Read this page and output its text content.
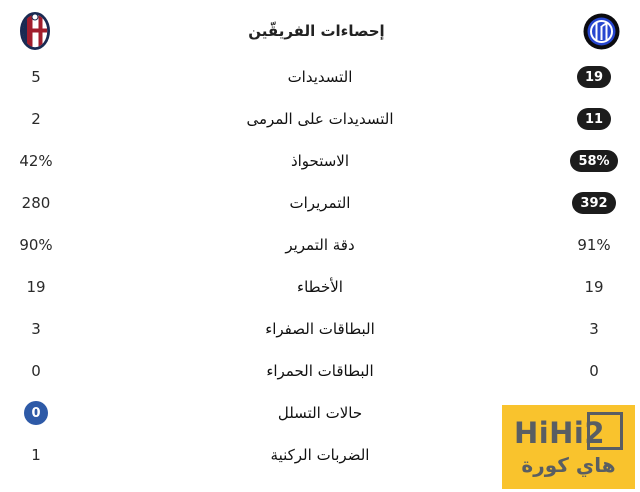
إحصاءات الفريقّين
5	التسديدات	19
2	التسديدات على المرمى	11
42%	الاستحواذ	58%
280	التمريرات	392
90%	دقة التمرير	91%
19	الأخطاء	19
3	البطاقات الصفراء	3
0	البطاقات الحمراء	0
0	حالات التسلل
1	الضربات الركنية
HiHi2
هاي كورة
